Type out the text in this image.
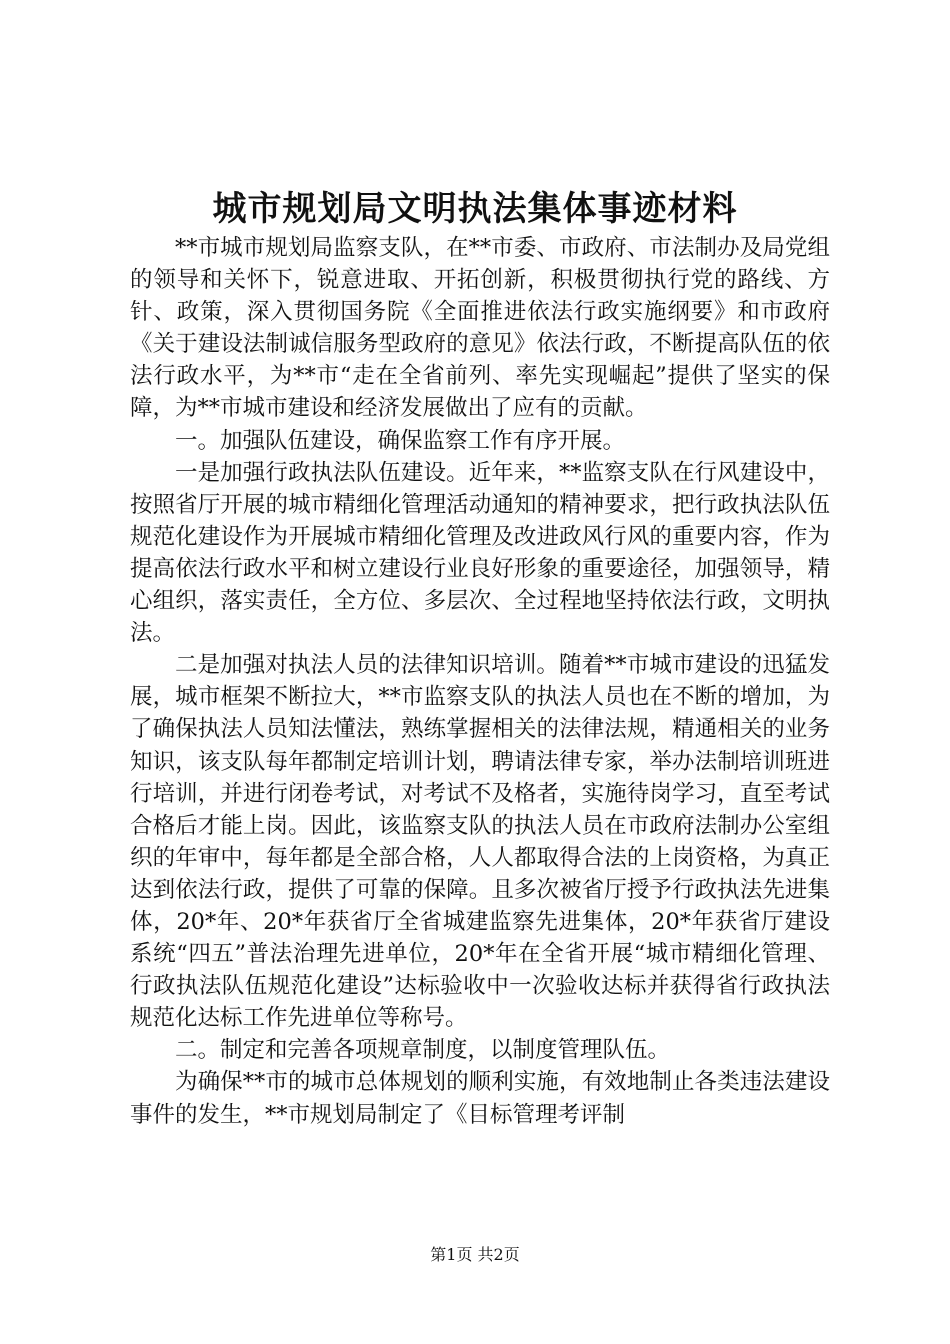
城市规划局文明执法集体事迹材料

**市城市规划局监察支队，在**市委、市政府、市法制办及局党组的领导和关怀下，锐意进取、开拓创新，积极贯彻执行党的路线、方针、政策，深入贯彻国务院《全面推进依法行政实施纲要》和市政府《关于建设法制诚信服务型政府的意见》依法行政，不断提高队伍的依法行政水平，为**市“走在全省前列、率先实现崛起”提供了坚实的保障，为**市城市建设和经济发展做出了应有的贡献。

一。加强队伍建设，确保监察工作有序开展。

一是加强行政执法队伍建设。近年来，**监察支队在行风建设中，按照省厅开展的城市精细化管理活动通知的精神要求，把行政执法队伍规范化建设作为开展城市精细化管理及改进政风行风的重要内容，作为提高依法行政水平和树立建设行业良好形象的重要途径，加强领导，精心组织，落实责任，全方位、多层次、全过程地坚持依法行政，文明执法。

二是加强对执法人员的法律知识培训。随着**市城市建设的迅猛发展，城市框架不断拉大，**市监察支队的执法人员也在不断的增加，为了确保执法人员知法懂法，熟练掌握相关的法律法规，精通相关的业务知识，该支队每年都制定培训计划，聘请法律专家，举办法制培训班进行培训，并进行闭卷考试，对考试不及格者，实施待岗学习，直至考试合格后才能上岗。因此，该监察支队的执法人员在市政府法制办公室组织的年审中，每年都是全部合格，人人都取得合法的上岗资格，为真正达到依法行政，提供了可靠的保障。且多次被省厅授予行政执法先进集体，20*年、20*年获省厅全省城建监察先进集体，20*年获省厅建设系统“四五”普法治理先进单位，20*年在全省开展“城市精细化管理、行政执法队伍规范化建设”达标验收中一次验收达标并获得省行政执法规范化达标工作先进单位等称号。

二。制定和完善各项规章制度，以制度管理队伍。

为确保**市的城市总体规划的顺利实施，有效地制止各类违法建设事件的发生，**市规划局制定了《目标管理考评制

第1页 共2页
